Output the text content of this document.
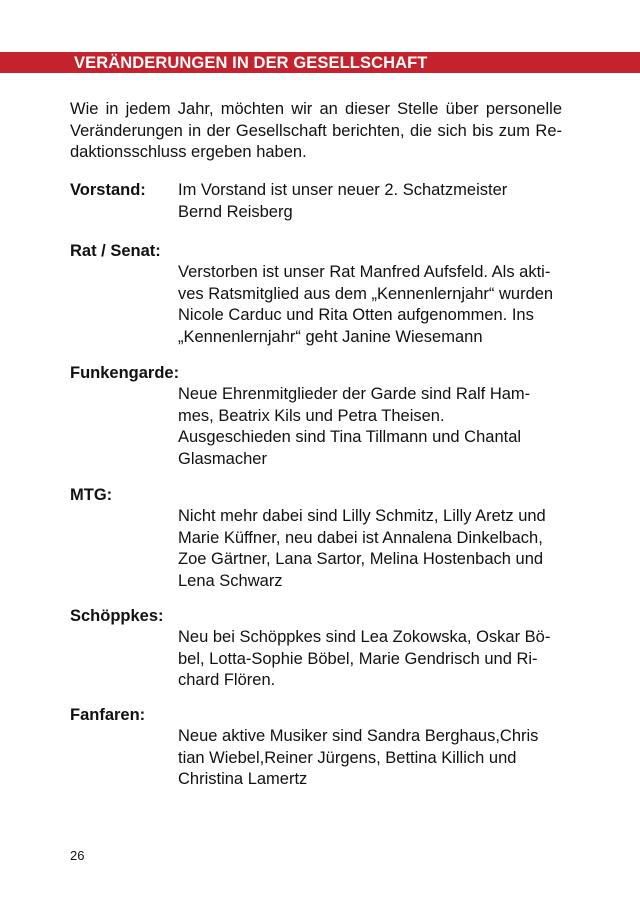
VERÄNDERUNGEN IN DER GESELLSCHAFT
Wie in jedem Jahr, möchten wir an dieser Stelle über personelle
Veränderungen in der Gesellschaft berichten, die sich bis zum Re-
daktionsschluss ergeben haben.
Vorstand: Im Vorstand ist unser neuer 2. Schatzmeister
Bernd Reisberg
Rat / Senat:
Verstorben ist unser Rat Manfred Aufsfeld. Als akti-
ves Ratsmitglied aus dem „Kennenlernjahr“ wurden
Nicole Carduc und Rita Otten aufgenommen. Ins
„Kennenlernjahr“ geht Janine Wiesemann
Funkengarde:
Neue Ehrenmitglieder der Garde sind Ralf Ham-
mes, Beatrix Kils und Petra Theisen.
Ausgeschieden sind Tina Tillmann und Chantal
Glasmacher
MTG:
Nicht mehr dabei sind Lilly Schmitz, Lilly Aretz und
Marie Küffner, neu dabei ist Annalena Dinkelbach,
Zoe Gärtner, Lana Sartor, Melina Hostenbach und
Lena Schwarz
Schöppkes:
Neu bei Schöppkes sind Lea Zokowska, Oskar Bö-
bel, Lotta-Sophie Böbel, Marie Gendrisch und Ri-
chard Flören.
Fanfaren:
Neue aktive Musiker sind Sandra Berghaus,Chris
tian Wiebel,Reiner Jürgens, Bettina Killich und
Christina Lamertz
26
